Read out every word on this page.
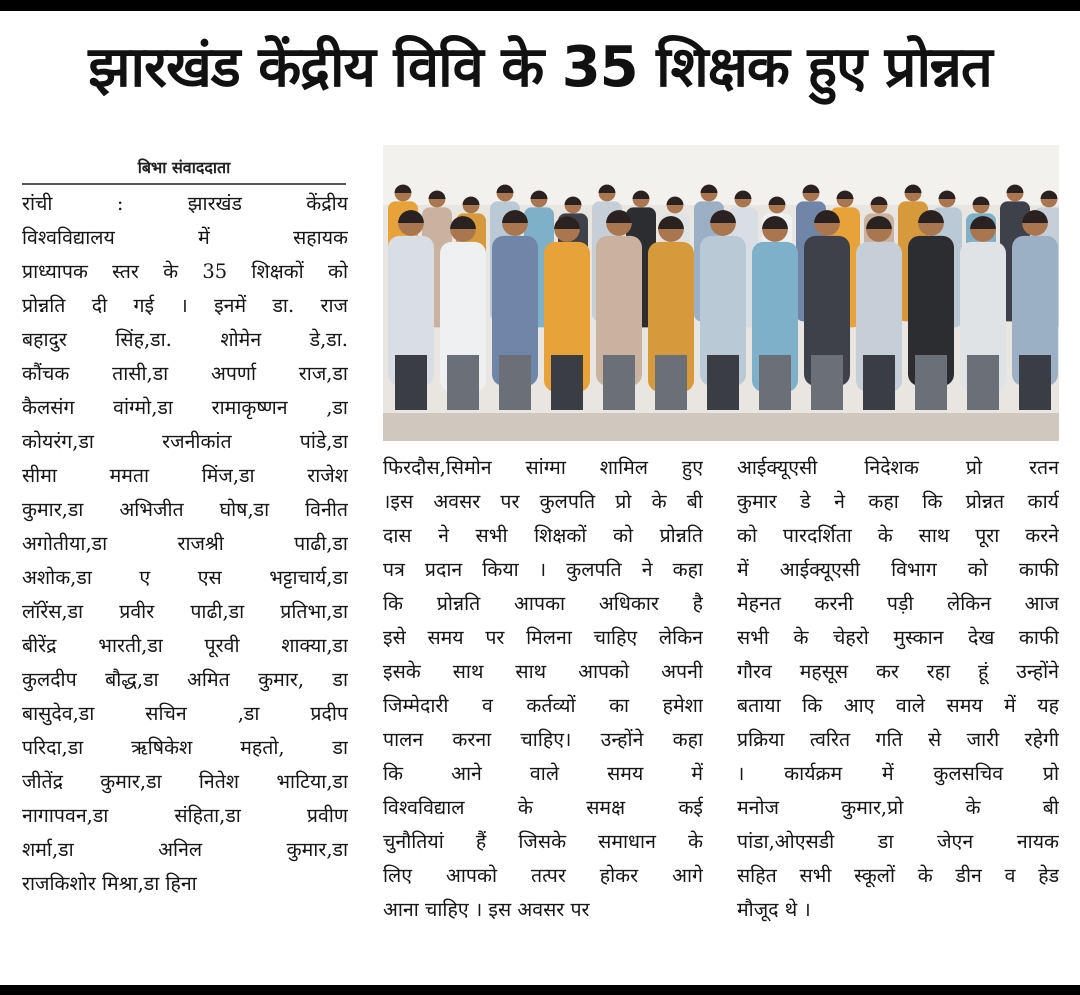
झारखंड केंद्रीय विवि के 35 शिक्षक हुए प्रोन्नत
बिभा संवाददाता
रांची : झारखंड केंद्रीय
विश्वविद्यालय में सहायक
प्राध्यापक स्तर के 35 शिक्षकों को
प्रोन्नति दी गई । इनमें डा. राज
बहादुर सिंह,डा. शोमेन डे,डा.
कौंचक तासी,डा अपर्णा राज,डा
कैलसंग वांग्मो,डा रामाकृष्णन ,डा
कोयरंग,डा रजनीकांत पांडे,डा
सीमा ममता मिंज,डा राजेश
कुमार,डा अभिजीत घोष,डा विनीत
अगोतीया,डा राजश्री पाढी,डा
अशोक,डा ए एस भट्टाचार्य,डा
लॉरेंस,डा प्रवीर पाढी,डा प्रतिभा,डा
बीरेंद्र भारती,डा पूरवी शाक्या,डा
कुलदीप बौद्ध,डा अमित कुमार, डा
बासुदेव,डा सचिन ,डा प्रदीप
परिदा,डा ऋषिकेश महतो, डा
जीतेंद्र कुमार,डा नितेश भाटिया,डा
नागापवन,डा संहिता,डा प्रवीण
शर्मा,डा अनिल कुमार,डा
राजकिशोर मिश्रा,डा हिना
फिरदौस,सिमोन सांग्मा शामिल हुए
।इस अवसर पर कुलपति प्रो के बी
दास ने सभी शिक्षकों को प्रोन्नति
पत्र प्रदान किया । कुलपति ने कहा
कि प्रोन्नति आपका अधिकार है
इसे समय पर मिलना चाहिए लेकिन
इसके साथ साथ आपको अपनी
जिम्मेदारी व कर्तव्यों का हमेशा
पालन करना चाहिए। उन्होंने कहा
कि आने वाले समय में
विश्वविद्याल के समक्ष कई
चुनौतियां हैं जिसके समाधान के
लिए आपको तत्पर होकर आगे
आना चाहिए । इस अवसर पर
आईक्यूएसी निदेशक प्रो रतन
कुमार डे ने कहा कि प्रोन्नत कार्य
को पारदर्शिता के साथ पूरा करने
में आईक्यूएसी विभाग को काफी
मेहनत करनी पड़ी लेकिन आज
सभी के चेहरो मुस्कान देख काफी
गौरव महसूस कर रहा हूं उन्होंने
बताया कि आए वाले समय में यह
प्रक्रिया त्वरित गति से जारी रहेगी
। कार्यक्रम में कुलसचिव प्रो
मनोज कुमार,प्रो के बी
पांडा,ओएसडी डा जेएन नायक
सहित सभी स्कूलों के डीन व हेड
मौजूद थे ।
